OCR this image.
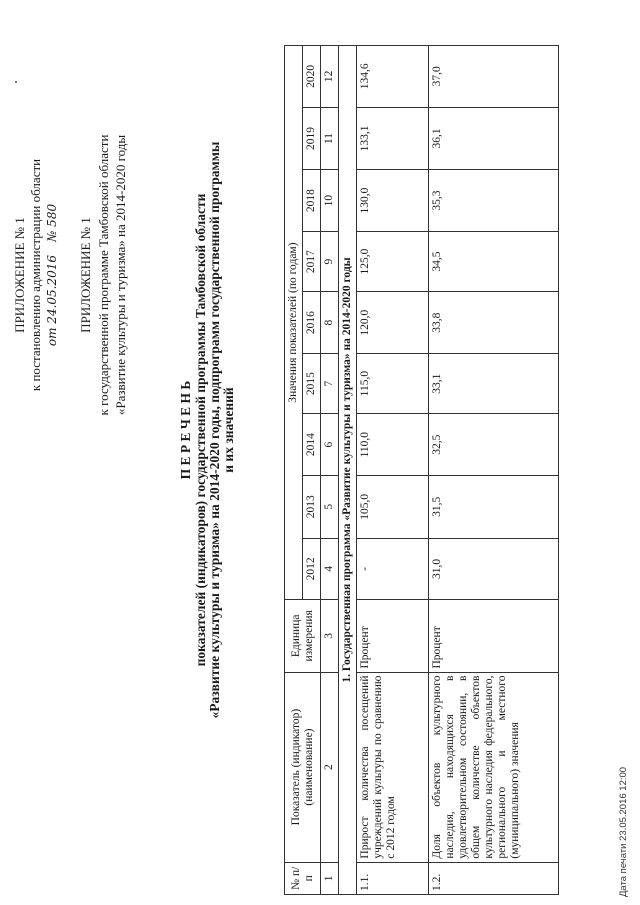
ПРИЛОЖЕНИЕ № 1 к постановлению администрации области от 24.05.2016    № 580 ПРИЛОЖЕНИЕ № 1 к государственной программе Тамбовской области «Развитие культуры и туризма» на 2014-2020 годы
П Е Р Е Ч Е Н Ь показателей (индикаторов) государственной программы Тамбовской области «Развитие культуры и туризма» на 2014-2020 годы, подпрограмм государственной программы и их значений
№ п/п	Показатель (индикатор) (наименование)	Единица измерения	Значения показателей (по годам)								
			2012	2013	2014	2015	2016	2017	2018	2019	2020
1	2	3	4	5	6	7	8	9	10	11	12
1. Государственная программа «Развитие культуры и туризма» на 2014-2020 годы											
1.1.	Прирост количества посещений учреждений культуры по сравнению с 2012 годом	Процент	-	105,0	110,0	115,0	120,0	125,0	130,0	133,1	134,6
1.2.	Доля объектов культурного наследия, находящихся в удовлетворительном состоянии, в общем количестве объектов культурного наследия федерального, регионального и местного (муниципального) значения	Процент	31,0	31,5	32,5	33,1	33,8	34,5	35,3	36,1	37,0
Дата печати 23.05.2016 12:00
